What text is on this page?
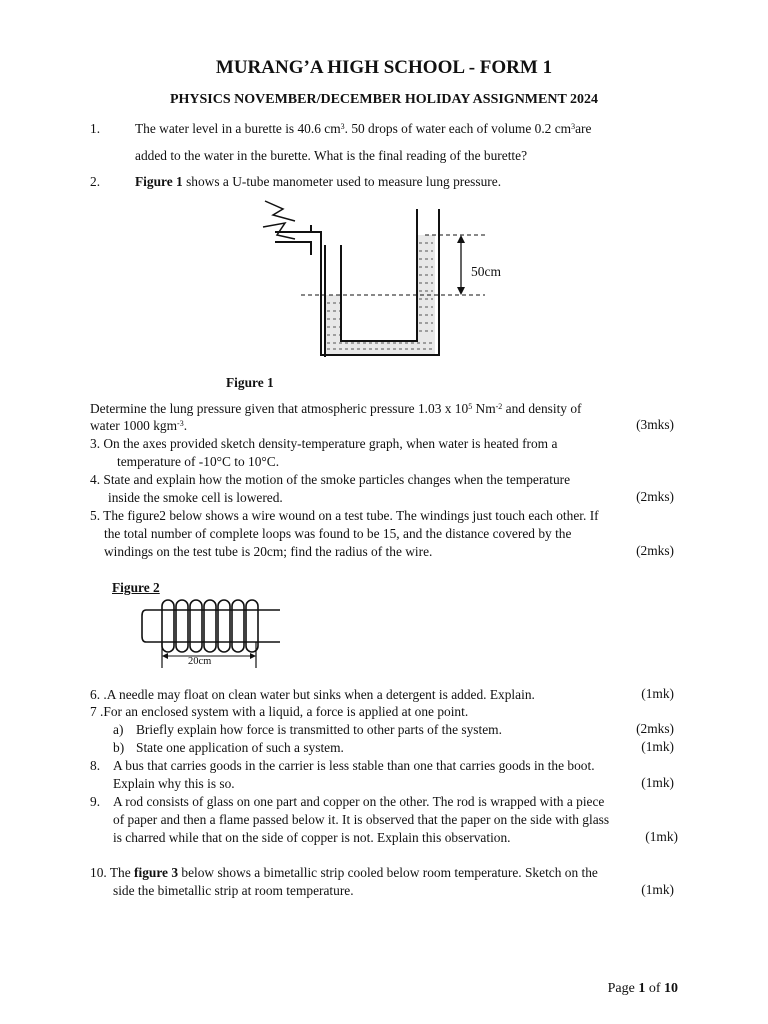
MURANG’A HIGH SCHOOL - FORM 1
PHYSICS NOVEMBER/DECEMBER HOLIDAY ASSIGNMENT 2024
1.	The water level in a burette is 40.6 $cm^3$. 50 drops of water each of volume 0.2 $cm^3are$
added to the water in the burette. What is the final reading of the burette?
2.	Figure 1 shows a U-tube manometer used to measure lung pressure.
50cm
Figure 1
Determine the lung pressure given that atmospheric pressure 1.03 x $10^5$ $Nm^{-2}$ and density of
water 1000 kgm$^{-3}$.	(3mks)
3. On the axes provided sketch density-temperature graph, when water is heated from a
temperature of -10°C to 10°C.
4. State and explain how the motion of the smoke particles changes when the temperature
inside the smoke cell is lowered.	(2mks)
5. The figure2 below shows a wire wound on a test tube. The windings just touch each other. If
the total number of complete loops was found to be 15, and the distance covered by the
windings on the test tube is 20cm; find the radius of the wire.	(2mks)
Figure 2
20cm
6. .A needle may float on clean water but sinks when a detergent is added. Explain.	(1mk)
7 .For an enclosed system with a liquid, a force is applied at one point.
a) Briefly explain how force is transmitted to other parts of the system.	(2mks)
b) State one application of such a system.	(1mk)
8. A bus that carries goods in the carrier is less stable than one that carries goods in the boot.
Explain why this is so.	(1mk)
9. A rod consists of glass on one part and copper on the other. The rod is wrapped with a piece
of paper and then a flame passed below it. It is observed that the paper on the side with glass
is charred while that on the side of copper is not. Explain this observation.	(1mk)
10. The figure 3 below shows a bimetallic strip cooled below room temperature. Sketch on the
side the bimetallic strip at room temperature.	(1mk)
Page 1 of 10
